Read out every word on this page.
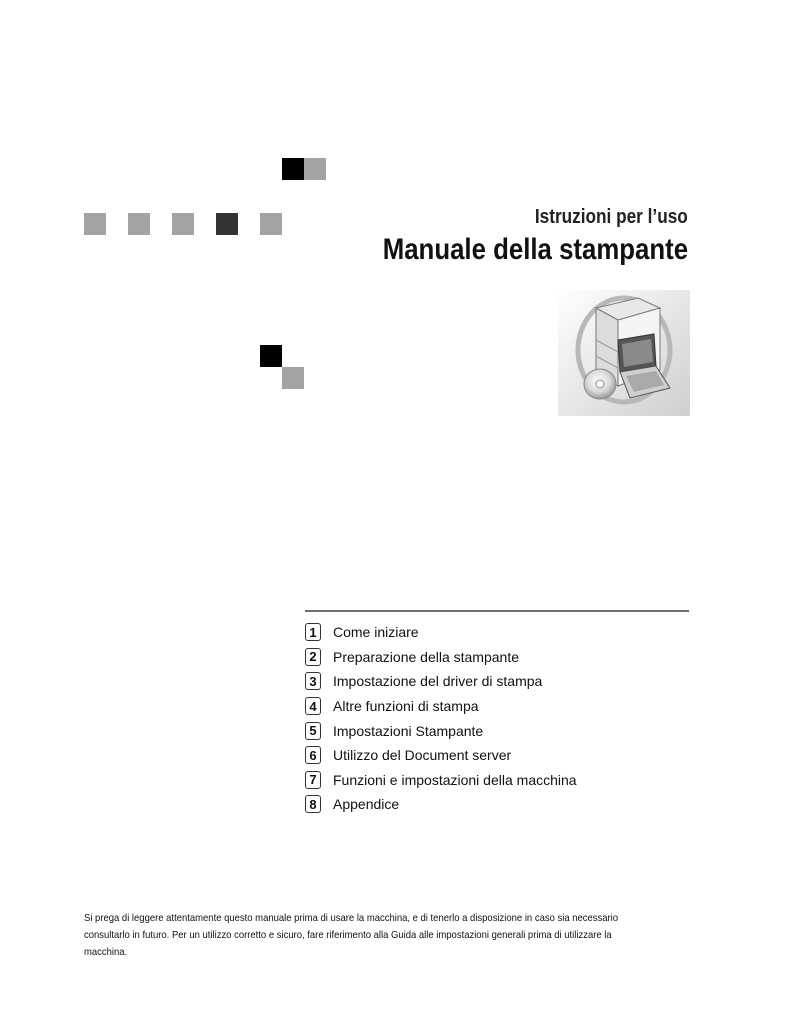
Istruzioni per l’uso
Manuale della stampante
1	Come iniziare
2	Preparazione della stampante
3	Impostazione del driver di stampa
4	Altre funzioni di stampa
5	Impostazioni Stampante
6	Utilizzo del Document server
7	Funzioni e impostazioni della macchina
8	Appendice
Si prega di leggere attentamente questo manuale prima di usare la macchina, e di tenerlo a disposizione in caso sia necessario consultarlo in futuro. Per un utilizzo corretto e sicuro, fare riferimento alla Guida alle impostazioni generali prima di utilizzare la macchina.
